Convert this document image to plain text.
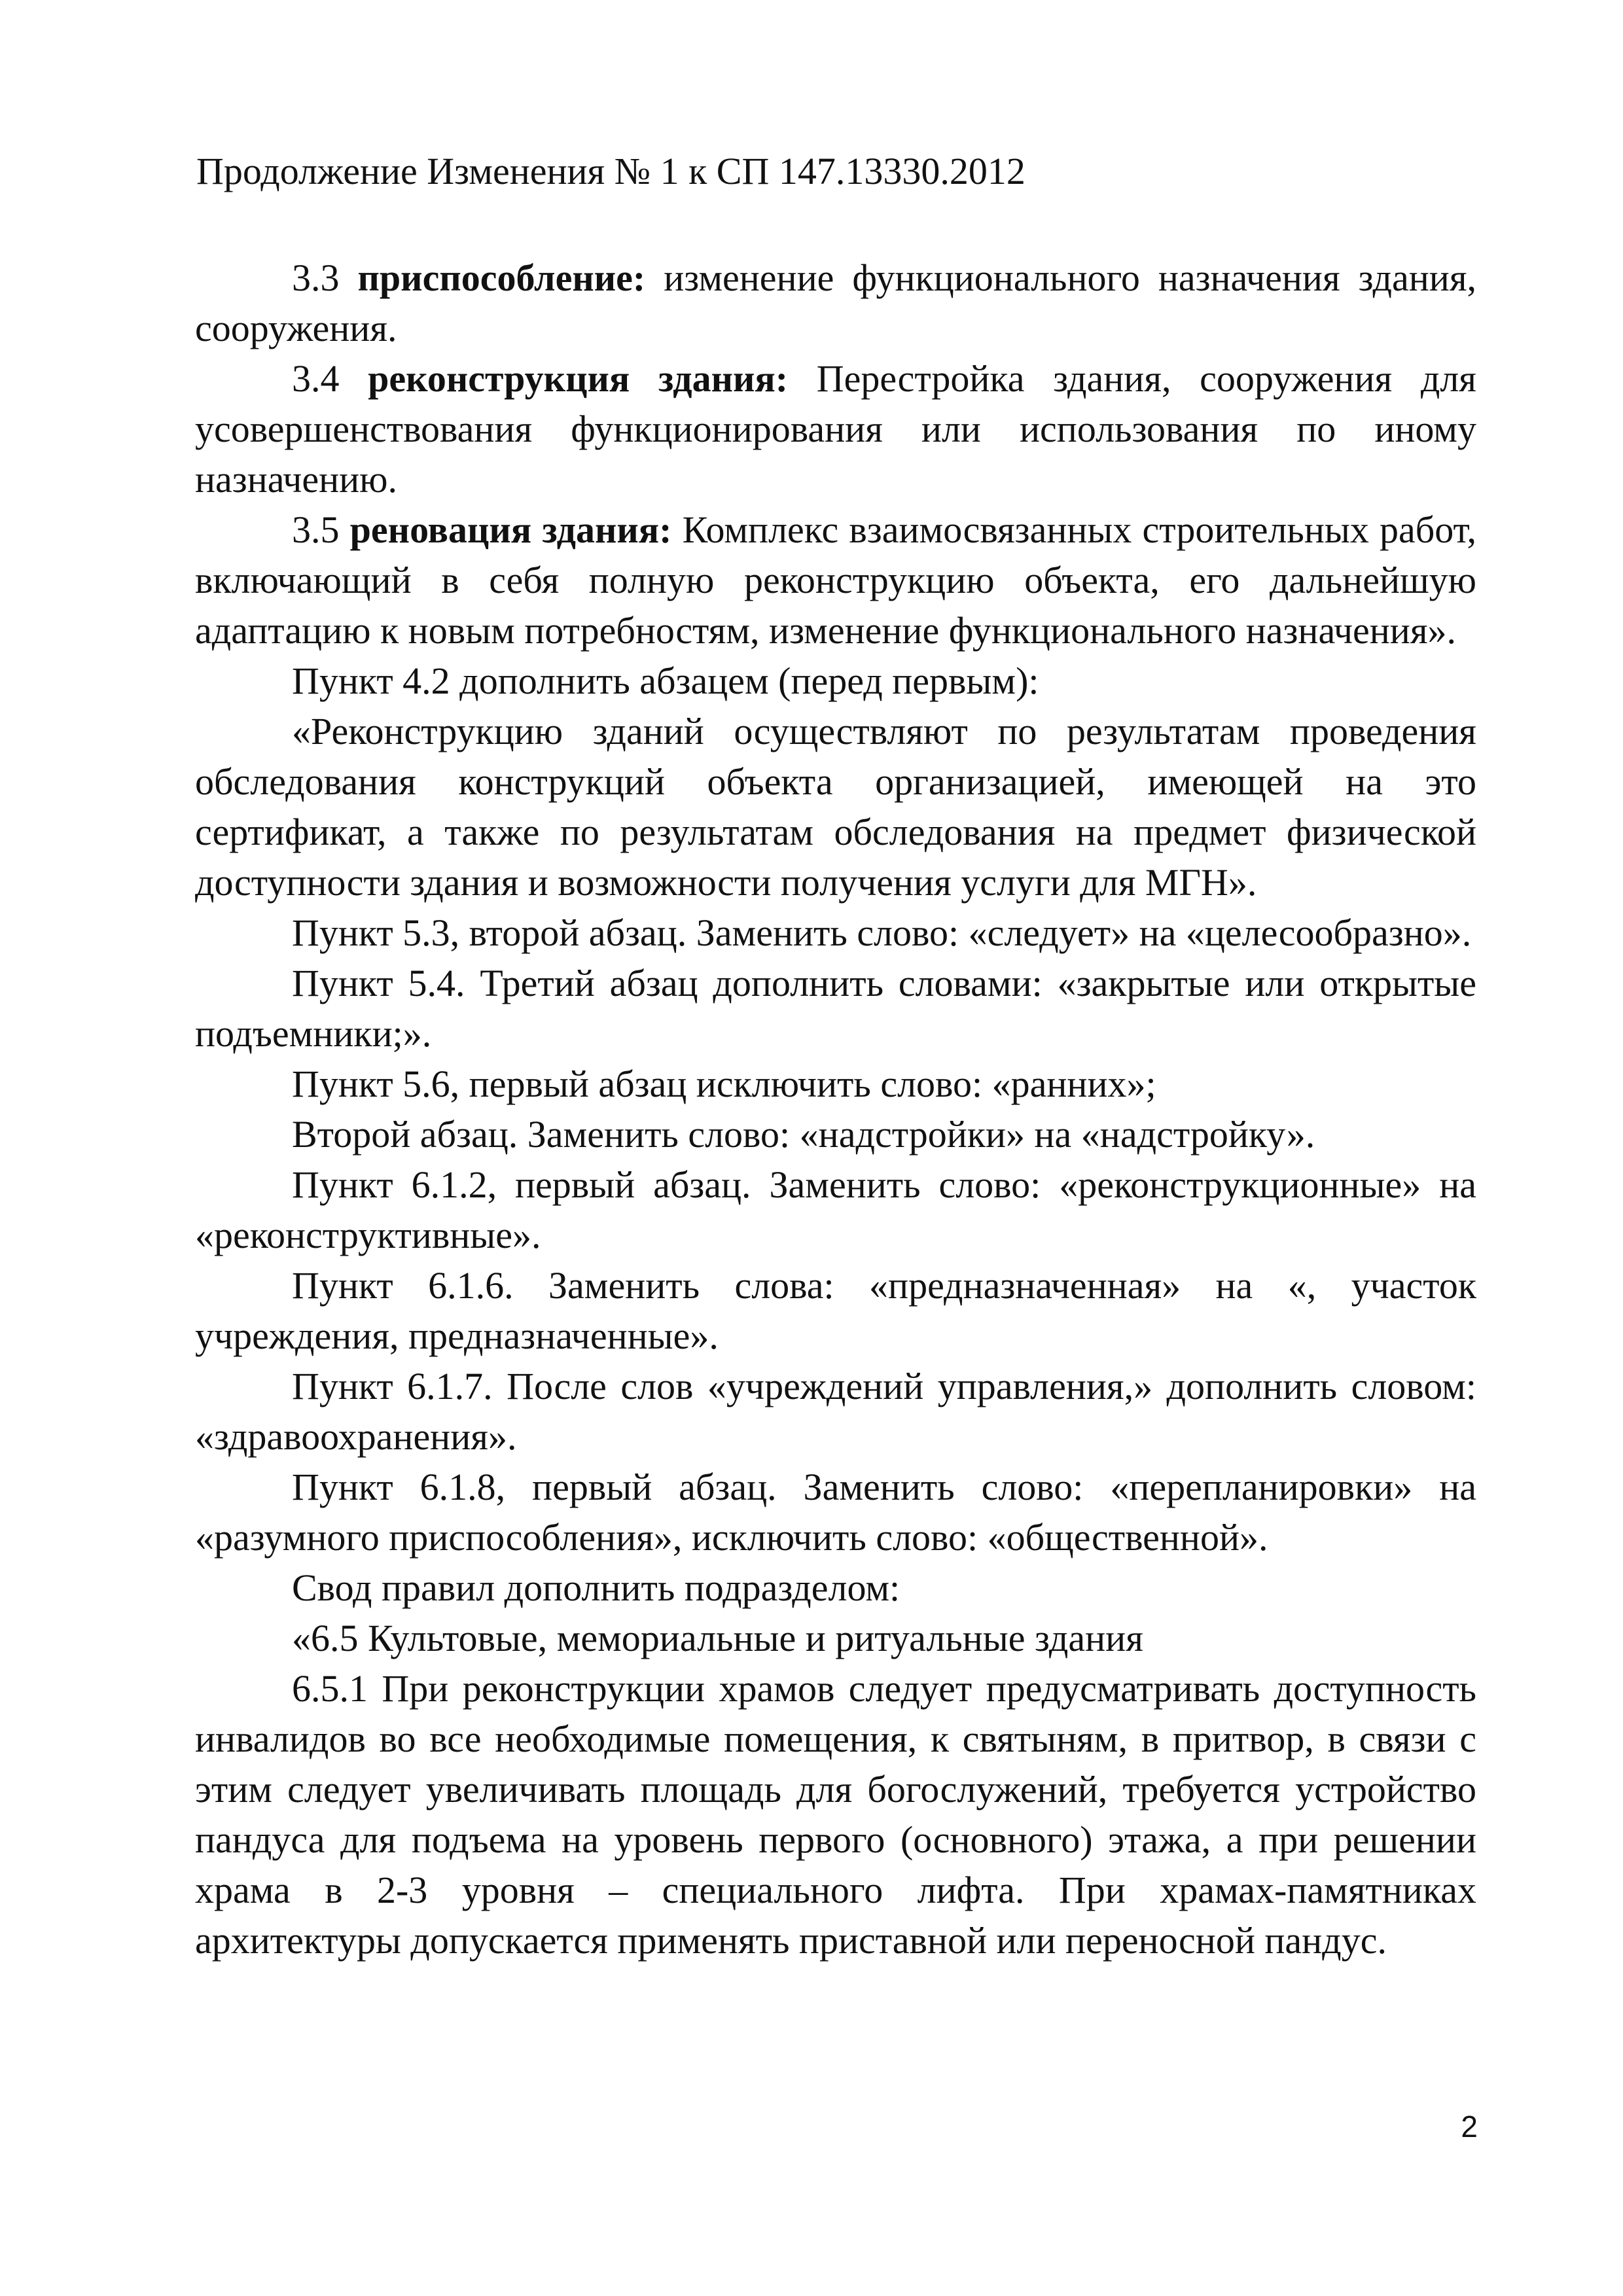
Продолжение Изменения № 1 к СП 147.13330.2012

3.3 приспособление: изменение функционального назначения здания, сооружения.

3.4 реконструкция здания: Перестройка здания, сооружения для усовершенствования функционирования или использования по иному назначению.

3.5 реновация здания: Комплекс взаимосвязанных строительных работ, включающий в себя полную реконструкцию объекта, его дальнейшую адаптацию к новым потребностям, изменение функционального назначения».

Пункт 4.2 дополнить абзацем (перед первым):

«Реконструкцию зданий осуществляют по результатам проведения обследования конструкций объекта организацией, имеющей на это сертификат, а также по результатам обследования на предмет физической доступности здания и возможности получения услуги для МГН».

Пункт 5.3, второй абзац. Заменить слово: «следует» на «целесообразно».

Пункт 5.4. Третий абзац дополнить словами: «закрытые или открытые подъемники;».

Пункт 5.6, первый абзац исключить слово: «ранних»;

Второй абзац. Заменить слово: «надстройки» на «надстройку».

Пункт 6.1.2, первый абзац. Заменить слово: «реконструкционные» на «реконструктивные».

Пункт 6.1.6. Заменить слова: «предназначенная» на «, участок учреждения, предназначенные».

Пункт 6.1.7. После слов «учреждений управления,» дополнить словом: «здравоохранения».

Пункт 6.1.8, первый абзац. Заменить слово: «перепланировки» на «разумного приспособления», исключить слово: «общественной».

Свод правил дополнить подразделом:

«6.5 Культовые, мемориальные и ритуальные здания

6.5.1 При реконструкции храмов следует предусматривать доступность инвалидов во все необходимые помещения, к святыням, в притвор, в связи с этим следует увеличивать площадь для богослужений, требуется устройство пандуса для подъема на уровень первого (основного) этажа, а при решении храма в 2-3 уровня – специального лифта. При храмах-памятниках архитектуры допускается применять приставной или переносной пандус.

2
